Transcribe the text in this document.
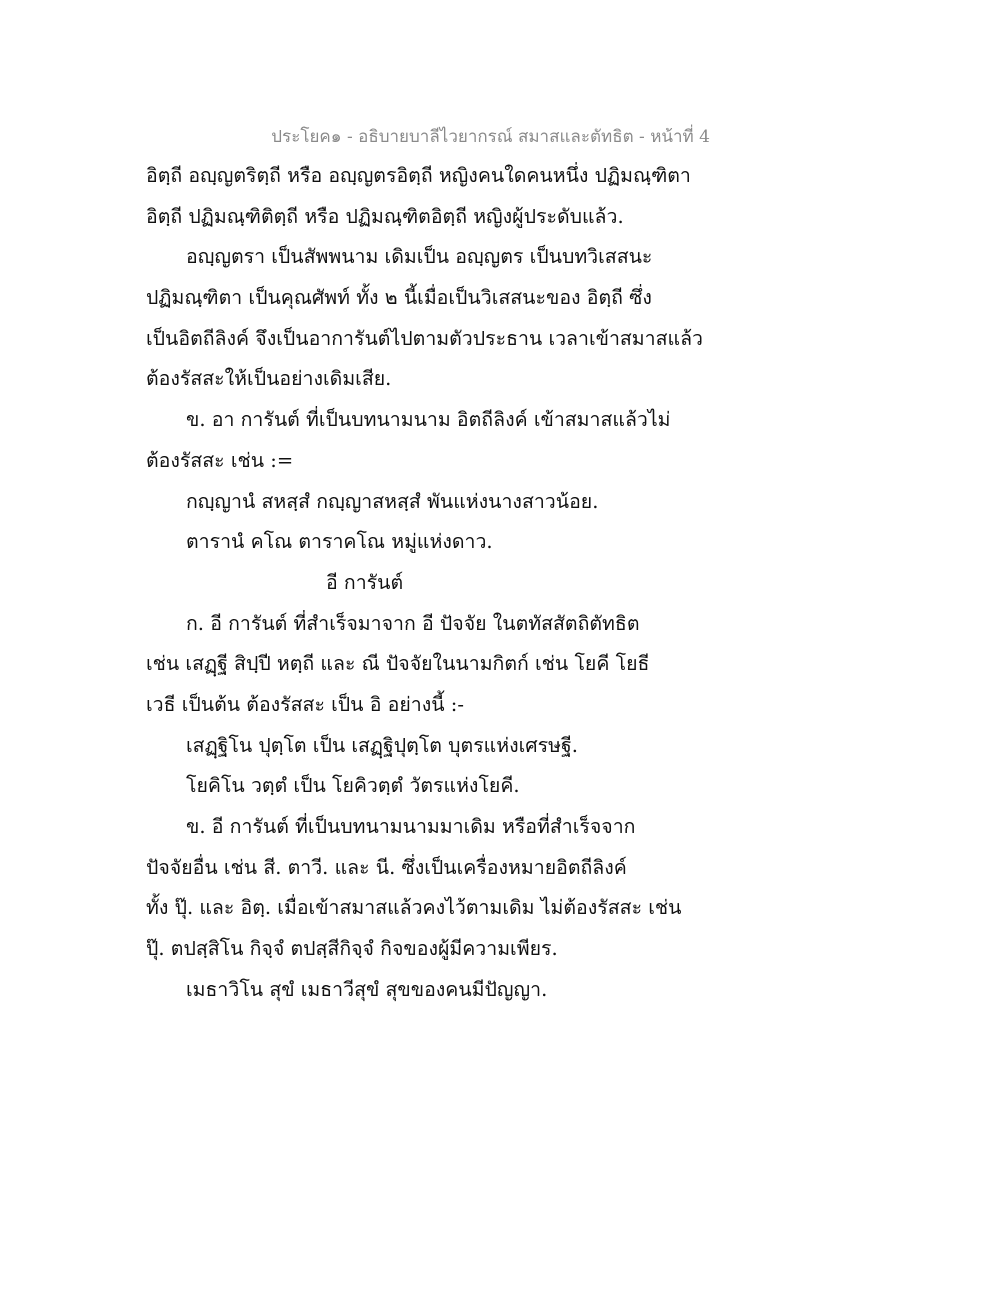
ประโยค๑ - อธิบายบาลีไวยากรณ์ สมาสและตัทธิต - หน้าที่ 4
อิตฺถี อญฺญตริตฺถี หรือ อญฺญตรอิตฺถี หญิงคนใดคนหนึ่ง ปฏิมณฺฑิตา
อิตฺถี ปฏิมณฺฑิติตฺถี หรือ ปฏิมณฺฑิตอิตฺถี หญิงผู้ประดับแล้ว.
อญฺญตรา เป็นสัพพนาม เดิมเป็น อญฺญตร เป็นบทวิเสสนะ
ปฏิมณฺฑิตา เป็นคุณศัพท์ ทั้ง ๒ นี้เมื่อเป็นวิเสสนะของ อิตฺถี ซึ่ง
เป็นอิตถีลิงค์ จึงเป็นอาการันต์ไปตามตัวประธาน เวลาเข้าสมาสแล้ว
ต้องรัสสะให้เป็นอย่างเดิมเสีย.
ข. อา การันต์ ที่เป็นบทนามนาม อิตถีลิงค์ เข้าสมาสแล้วไม่
ต้องรัสสะ เช่น :=
กญฺญานํ สหสฺสํ กญฺญาสหสฺสํ พันแห่งนางสาวน้อย.
ตารานํ คโณ ตาราคโณ หมู่แห่งดาว.
อี การันต์
ก. อี การันต์ ที่สำเร็จมาจาก อี ปัจจัย ในตทัสสัตถิตัทธิต
เช่น เสฏฺฐี สิปฺปี หตฺถี และ ณี ปัจจัยในนามกิตก์ เช่น โยคี โยธี
เวธี เป็นต้น ต้องรัสสะ เป็น อิ อย่างนี้ :-
เสฏฺฐิโน ปุตฺโต เป็น เสฏฺฐิปุตฺโต บุตรแห่งเศรษฐี.
โยคิโน วตฺตํ เป็น โยคิวตฺตํ วัตรแห่งโยคี.
ข. อี การันต์ ที่เป็นบทนามนามมาเดิม หรือที่สำเร็จจาก
ปัจจัยอื่น เช่น สี. ตาวี. และ นี. ซึ่งเป็นเครื่องหมายอิตถีลิงค์
ทั้ง ปุ๊. และ อิตฺ. เมื่อเข้าสมาสแล้วคงไว้ตามเดิม ไม่ต้องรัสสะ เช่น
ปุ๊. ตปสฺสิโน กิจฺจํ ตปสฺสีกิจฺจํ กิจของผู้มีความเพียร.
เมธาวิโน สุขํ เมธาวีสุขํ สุขของคนมีปัญญา.
